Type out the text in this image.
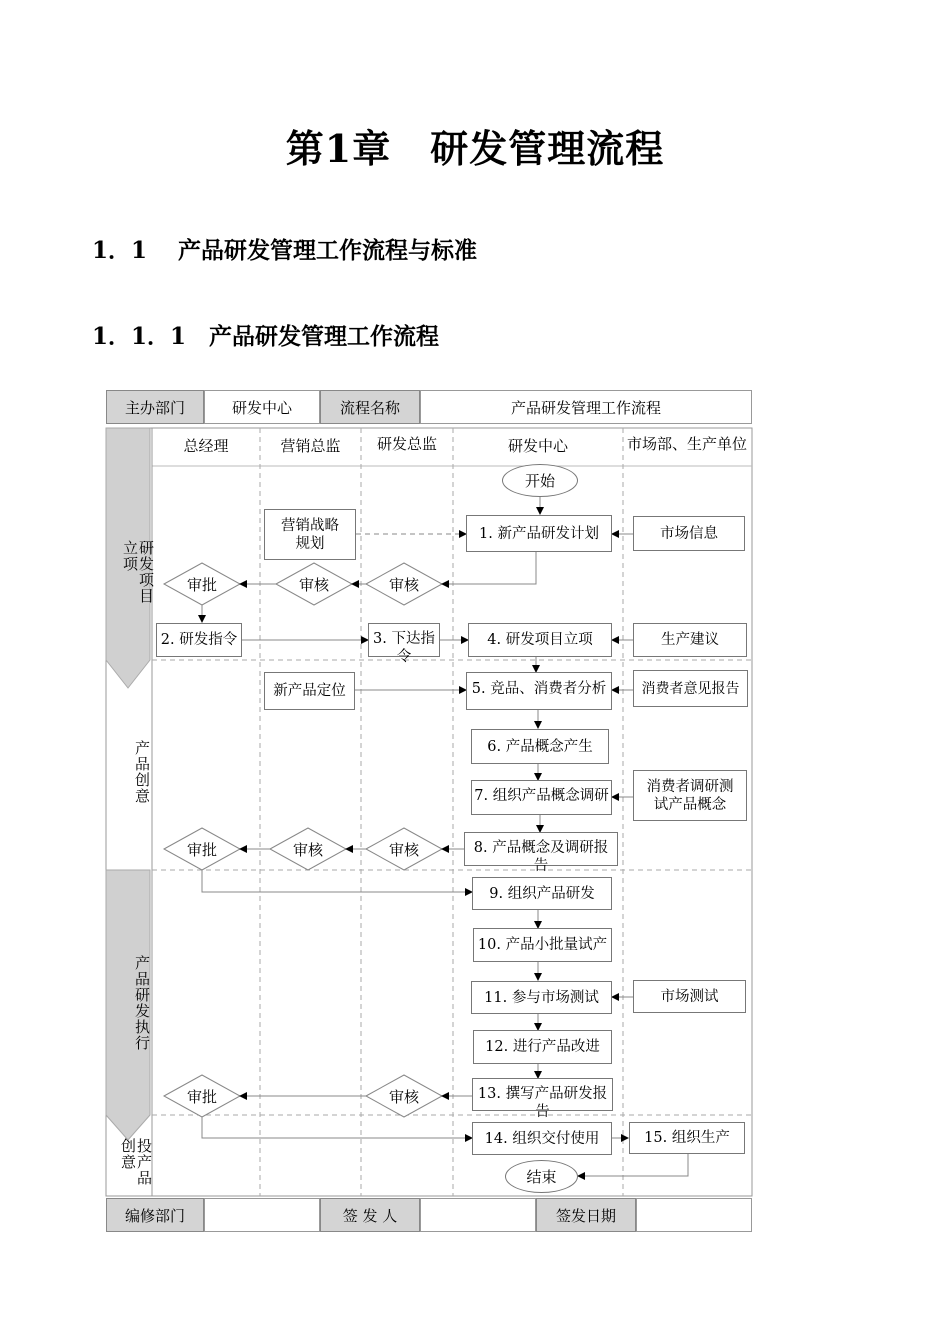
第1章　研发管理流程
1．1　 产品研发管理工作流程与标准
1．1．1　产品研发管理工作流程
主办部门	研发中心	流程名称	产品研发管理工作流程
总经理	营销总监	研发总监	研发中心	市场部、生产单位
研发项目立项
产品创意
产品研发执行
投产品创意
开始
营销战略规划
1. 新产品研发计划	市场信息
审批	审核	审核
2. 研发指令	3. 下达指令
4. 研发项目立项	生产建议
新产品定位	5. 竞品、消费者分析	消费者意见报告
6. 产品概念产生
7. 组织产品概念调研
消费者调研测试产品概念
审批	审核	审核	8. 产品概念及调研报告
9. 组织产品研发
10. 产品小批量试产
11. 参与市场测试	市场测试
12. 进行产品改进
审批	审核	13. 撰写产品研发报告
14. 组织交付使用	15. 组织生产
结束
编修部门	签 发 人	签发日期
